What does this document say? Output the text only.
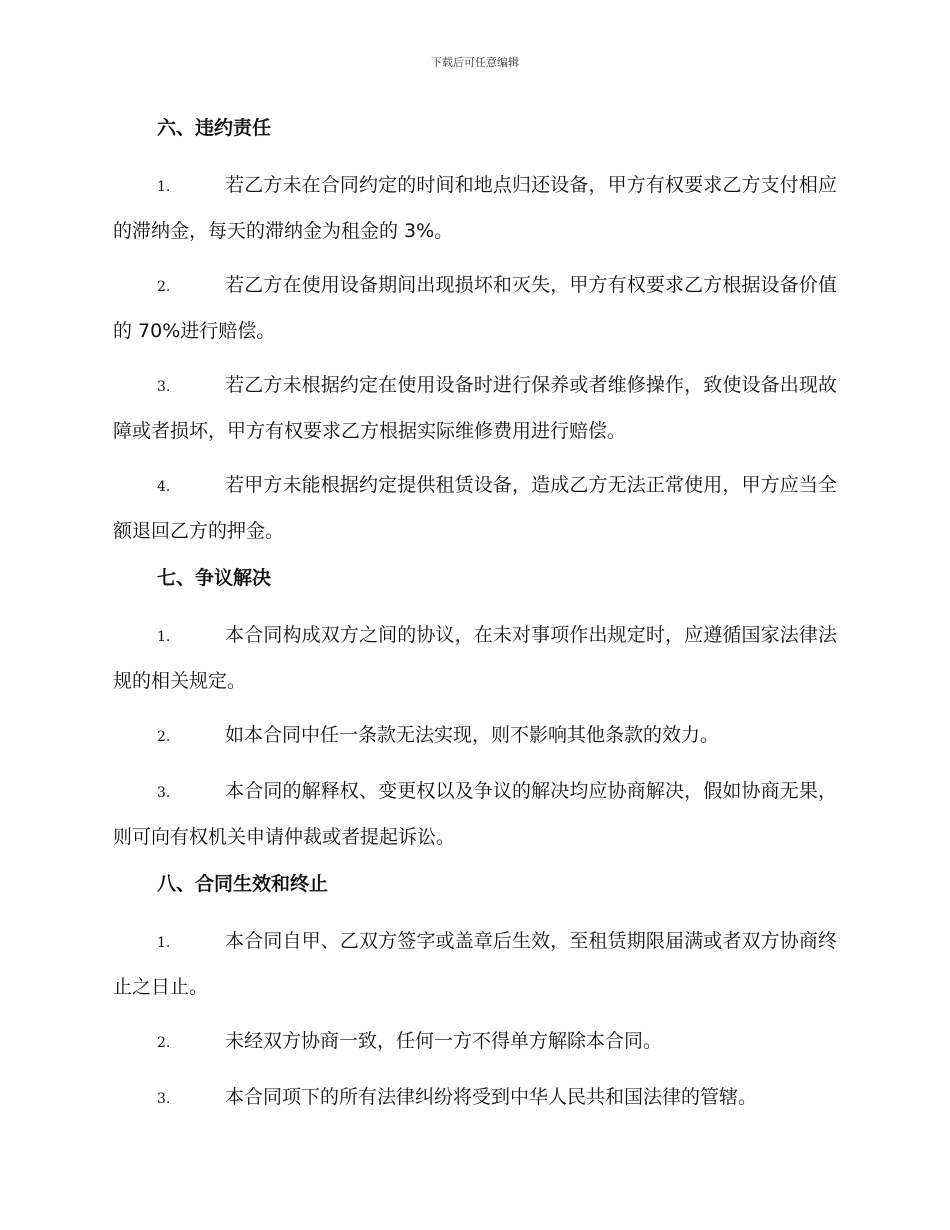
下载后可任意编辑
六、违约责任

1.	若乙方未在合同约定的时间和地点归还设备，甲方有权要求乙方支付相应的滞纳金，每天的滞纳金为租金的 3%。

2.	若乙方在使用设备期间出现损坏和灭失，甲方有权要求乙方根据设备价值的 70%进行赔偿。

3.	若乙方未根据约定在使用设备时进行保养或者维修操作，致使设备出现故障或者损坏，甲方有权要求乙方根据实际维修费用进行赔偿。

4.	若甲方未能根据约定提供租赁设备，造成乙方无法正常使用，甲方应当全额退回乙方的押金。

七、争议解决

1.	本合同构成双方之间的协议，在未对事项作出规定时，应遵循国家法律法规的相关规定。

2.	如本合同中任一条款无法实现，则不影响其他条款的效力。

3.	本合同的解释权、变更权以及争议的解决均应协商解决，假如协商无果，则可向有权机关申请仲裁或者提起诉讼。

八、合同生效和终止

1.	本合同自甲、乙双方签字或盖章后生效，至租赁期限届满或者双方协商终止之日止。

2.	未经双方协商一致，任何一方不得单方解除本合同。

3.	本合同项下的所有法律纠纷将受到中华人民共和国法律的管辖。
